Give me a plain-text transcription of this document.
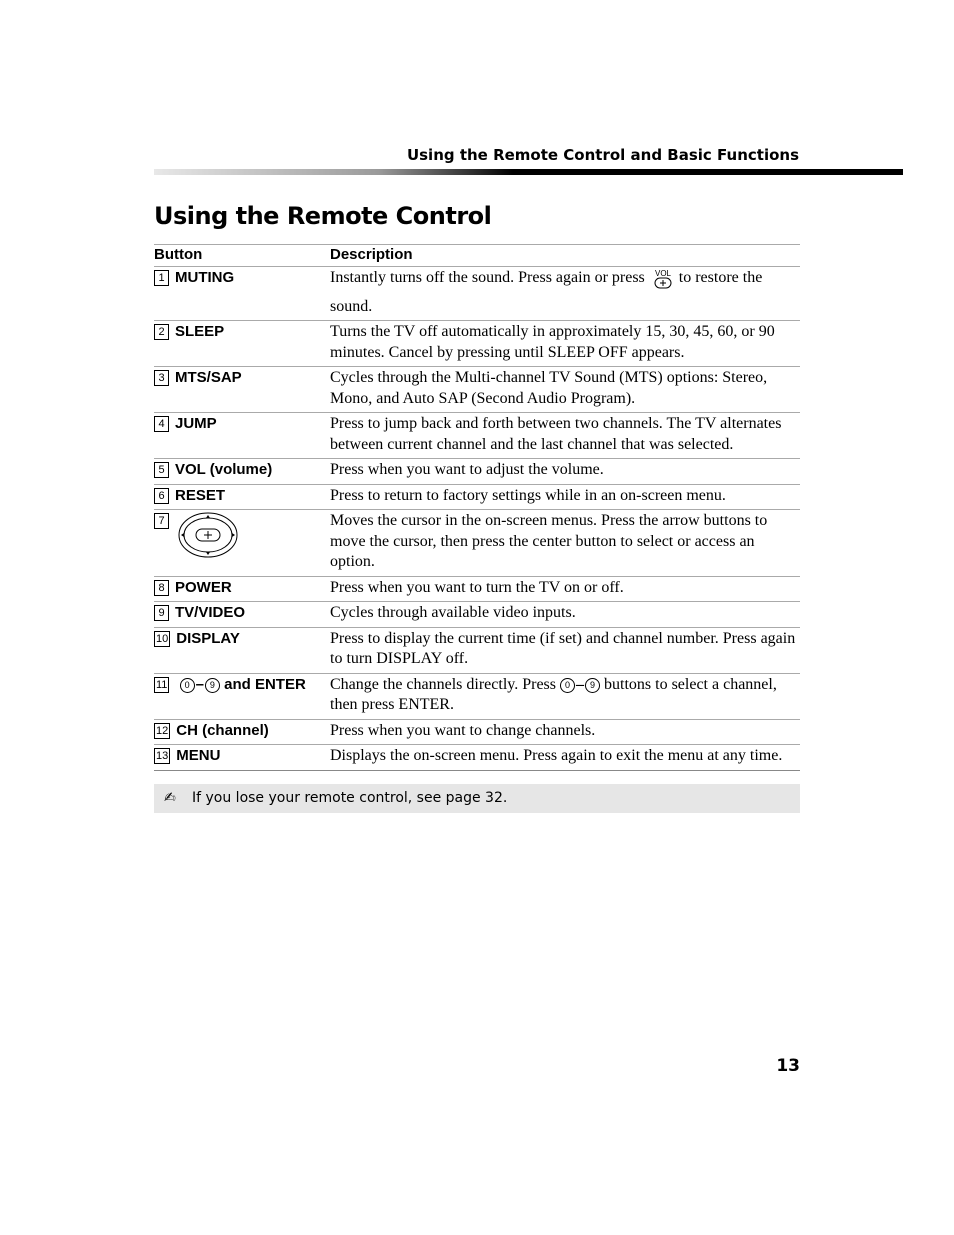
Using the Remote Control and Basic Functions
Using the Remote Control
Button	Description
1 MUTING	Instantly turns off the sound. Press again or press VOL to restore the sound.
2 SLEEP	Turns the TV off automatically in approximately 15, 30, 45, 60, or 90 minutes. Cancel by pressing until SLEEP OFF appears.
3 MTS/SAP	Cycles through the Multi-channel TV Sound (MTS) options: Stereo, Mono, and Auto SAP (Second Audio Program).
4 JUMP	Press to jump back and forth between two channels. The TV alternates between current channel and the last channel that was selected.
5 VOL (volume)	Press when you want to adjust the volume.
6 RESET	Press to return to factory settings while in an on-screen menu.
7	Moves the cursor in the on-screen menus. Press the arrow buttons to move the cursor, then press the center button to select or access an option.
8 POWER	Press when you want to turn the TV on or off.
9 TV/VIDEO	Cycles through available video inputs.
10 DISPLAY	Press to display the current time (if set) and channel number. Press again to turn DISPLAY off.
11 0 – 9 and ENTER	Change the channels directly. Press 0 – 9 buttons to select a channel, then press ENTER.
12 CH (channel)	Press when you want to change channels.
13 MENU	Displays the on-screen menu. Press again to exit the menu at any time.
✍ If you lose your remote control, see page 32.
13
